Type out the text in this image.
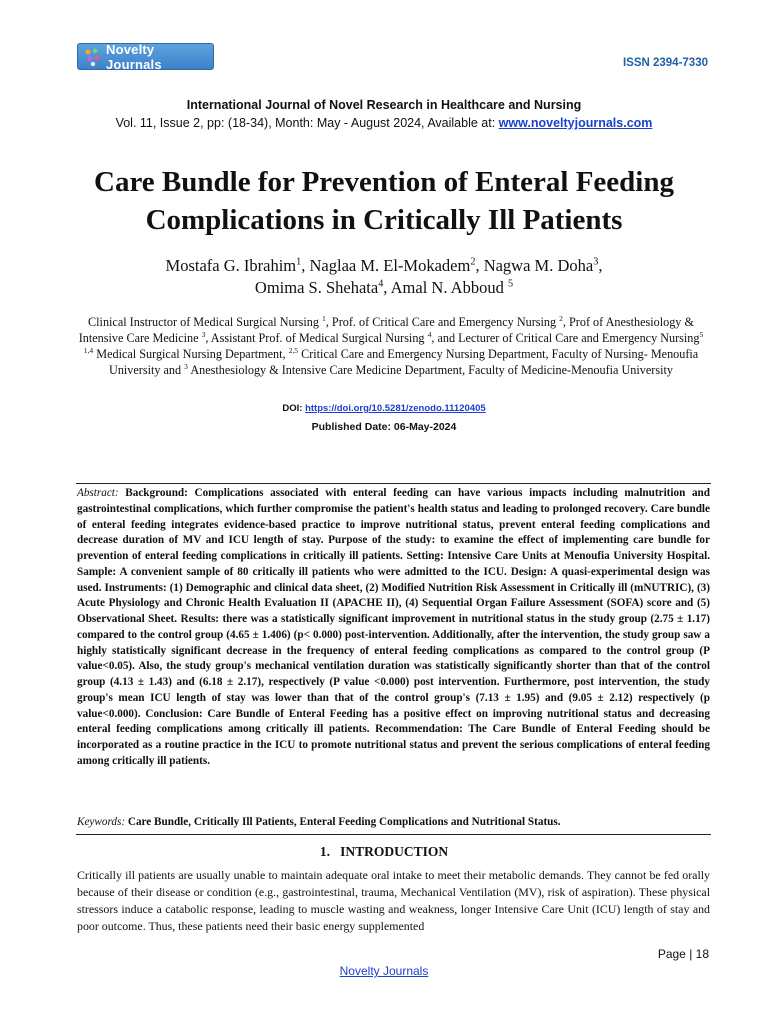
Novelty Journals	ISSN 2394-7330
International Journal of Novel Research in Healthcare and Nursing
Vol. 11, Issue 2, pp: (18-34), Month: May - August 2024, Available at: www.noveltyjournals.com
Care Bundle for Prevention of Enteral Feeding Complications in Critically Ill Patients
Mostafa G. Ibrahim$^1$, Naglaa M. El-Mokadem$^2$, Nagwa M. Doha$^3$,
Omima S. Shehata$^4$, Amal N. Abboud $^5$
Clinical Instructor of Medical Surgical Nursing $^1$, Prof. of Critical Care and Emergency Nursing $^2$, Prof of Anesthesiology & Intensive Care Medicine $^3$, Assistant Prof. of Medical Surgical Nursing $^4$, and Lecturer of Critical Care and Emergency Nursing$^5$ $^{1,4}$ Medical Surgical Nursing Department, $^{2,5}$ Critical Care and Emergency Nursing Department, Faculty of Nursing- Menoufia University and $^3$ Anesthesiology & Intensive Care Medicine Department, Faculty of Medicine-Menoufia University
DOI: https://doi.org/10.5281/zenodo.11120405
Published Date: 06-May-2024
Abstract: Background: Complications associated with enteral feeding can have various impacts including malnutrition and gastrointestinal complications, which further compromise the patient's health status and leading to prolonged recovery. Care bundle of enteral feeding integrates evidence-based practice to improve nutritional status, prevent enteral feeding complications and decrease duration of MV and ICU length of stay. Purpose of the study: to examine the effect of implementing care bundle for prevention of enteral feeding complications in critically ill patients. Setting: Intensive Care Units at Menoufia University Hospital. Sample: A convenient sample of 80 critically ill patients who were admitted to the ICU. Design: A quasi-experimental design was used. Instruments: (1) Demographic and clinical data sheet, (2) Modified Nutrition Risk Assessment in Critically ill (mNUTRIC), (3) Acute Physiology and Chronic Health Evaluation II (APACHE II), (4) Sequential Organ Failure Assessment (SOFA) score and (5) Observational Sheet. Results: there was a statistically significant improvement in nutritional status in the study group (2.75 ± 1.17) compared to the control group (4.65 ± 1.406) (p< 0.000) post-intervention. Additionally, after the intervention, the study group saw a highly statistically significant decrease in the frequency of enteral feeding complications as compared to the control group (P value<0.05). Also, the study group's mechanical ventilation duration was statistically significantly shorter than that of the control group (4.13 ± 1.43) and (6.18 ± 2.17), respectively (P value <0.000) post intervention. Furthermore, post intervention, the study group's mean ICU length of stay was lower than that of the control group's (7.13 ± 1.95) and (9.05 ± 2.12) respectively (p value<0.000). Conclusion: Care Bundle of Enteral Feeding has a positive effect on improving nutritional status and decreasing enteral feeding complications among critically ill patients. Recommendation: The Care Bundle of Enteral Feeding should be incorporated as a routine practice in the ICU to promote nutritional status and prevent the serious complications of enteral feeding among critically ill patients.
Keywords: Care Bundle, Critically Ill Patients, Enteral Feeding Complications and Nutritional Status.
1.   INTRODUCTION
Critically ill patients are usually unable to maintain adequate oral intake to meet their metabolic demands. They cannot be fed orally because of their disease or condition (e.g., gastrointestinal, trauma, Mechanical Ventilation (MV), risk of aspiration). These physical stressors induce a catabolic response, leading to muscle wasting and weakness, longer Intensive Care Unit (ICU) length of stay and poor outcome. Thus, these patients need their basic energy supplemented
Page | 18
Novelty Journals
